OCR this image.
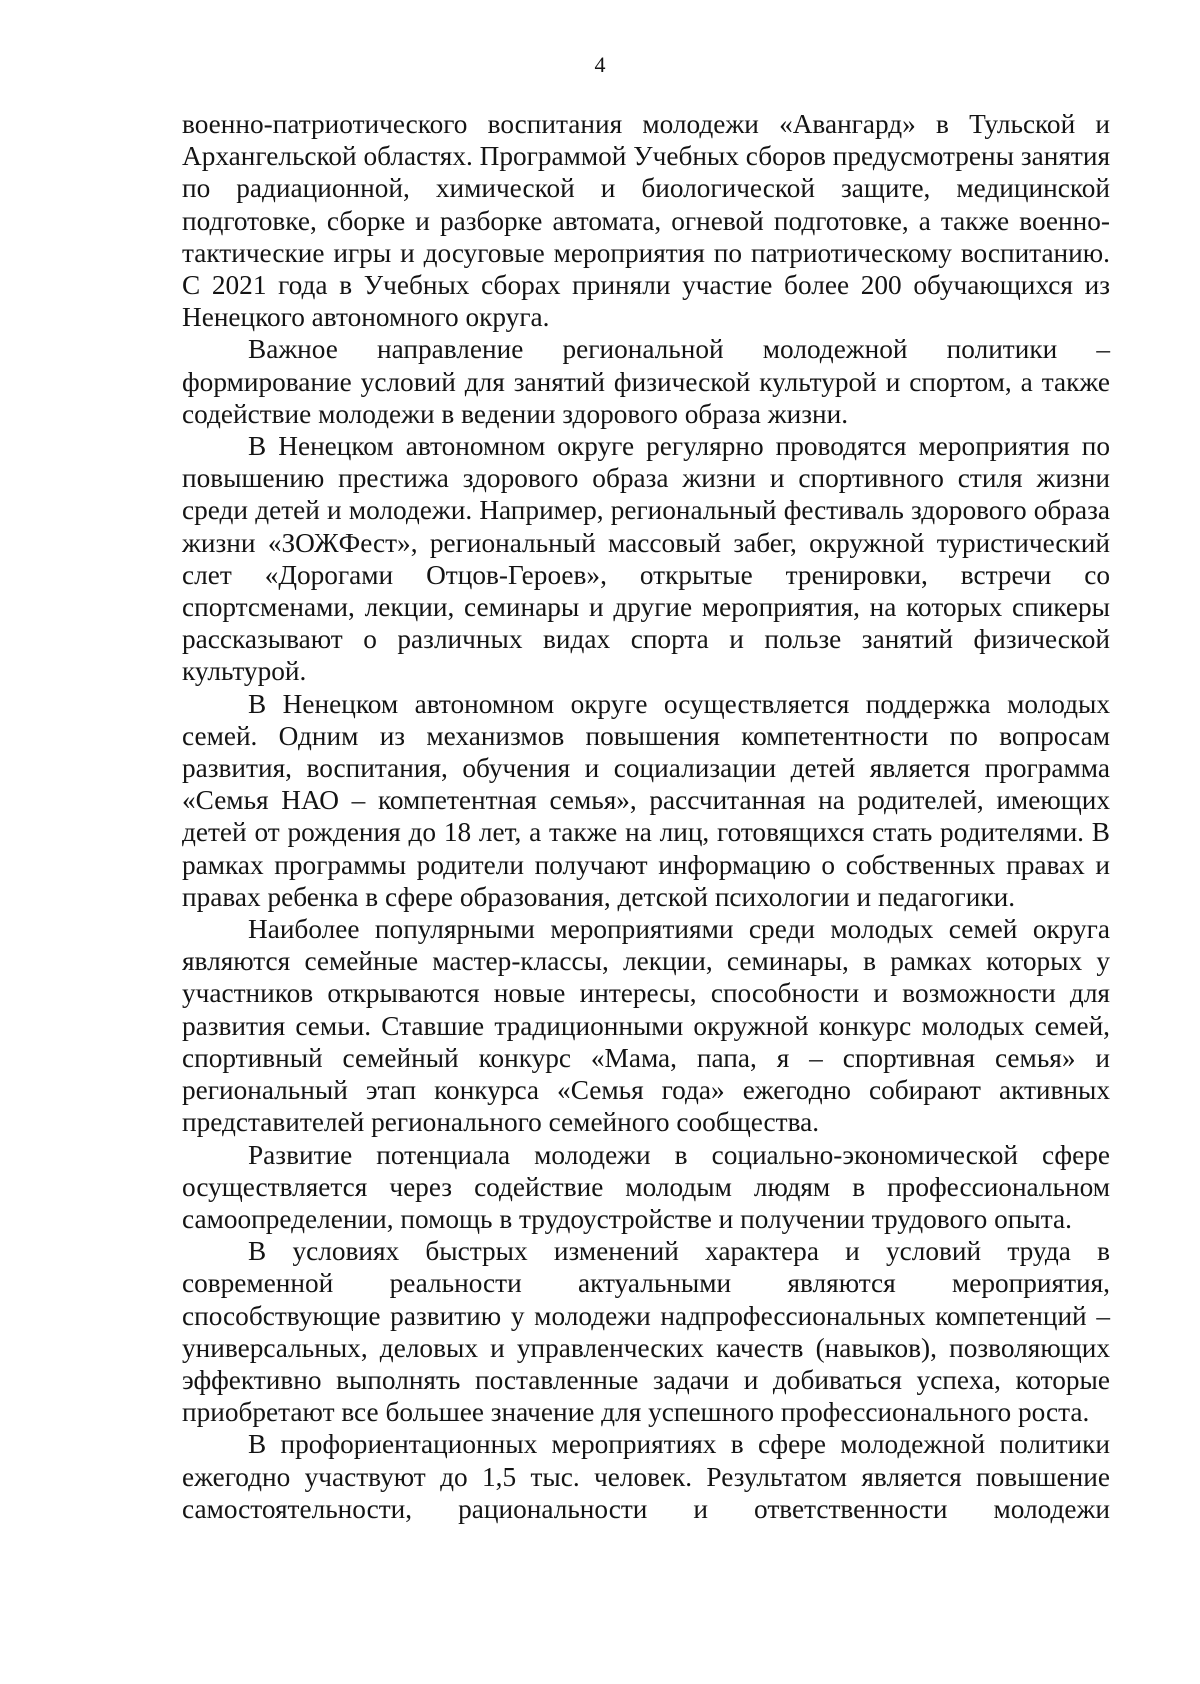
4

военно-патриотического воспитания молодежи «Авангард» в Тульской и Архангельской областях. Программой Учебных сборов предусмотрены занятия по радиационной, химической и биологической защите, медицинской подготовке, сборке и разборке автомата, огневой подготовке, а также военно-тактические игры и досуговые мероприятия по патриотическому воспитанию. С 2021 года в Учебных сборах приняли участие более 200 обучающихся из Ненецкого автономного округа.

Важное направление региональной молодежной политики – формирование условий для занятий физической культурой и спортом, а также содействие молодежи в ведении здорового образа жизни.

В Ненецком автономном округе регулярно проводятся мероприятия по повышению престижа здорового образа жизни и спортивного стиля жизни среди детей и молодежи. Например, региональный фестиваль здорового образа жизни «ЗОЖФест», региональный массовый забег, окружной туристический слет «Дорогами Отцов-Героев», открытые тренировки, встречи со спортсменами, лекции, семинары и другие мероприятия, на которых спикеры рассказывают о различных видах спорта и пользе занятий физической культурой.

В Ненецком автономном округе осуществляется поддержка молодых семей. Одним из механизмов повышения компетентности по вопросам развития, воспитания, обучения и социализации детей является программа «Семья НАО – компетентная семья», рассчитанная на родителей, имеющих детей от рождения до 18 лет, а также на лиц, готовящихся стать родителями. В рамках программы родители получают информацию о собственных правах и правах ребенка в сфере образования, детской психологии и педагогики.

Наиболее популярными мероприятиями среди молодых семей округа являются семейные мастер-классы, лекции, семинары, в рамках которых у участников открываются новые интересы, способности и возможности для развития семьи. Ставшие традиционными окружной конкурс молодых семей, спортивный семейный конкурс «Мама, папа, я – спортивная семья» и региональный этап конкурса «Семья года» ежегодно собирают активных представителей регионального семейного сообщества.

Развитие потенциала молодежи в социально-экономической сфере осуществляется через содействие молодым людям в профессиональном самоопределении, помощь в трудоустройстве и получении трудового опыта.

В условиях быстрых изменений характера и условий труда в современной реальности актуальными являются мероприятия, способствующие развитию у молодежи надпрофессиональных компетенций – универсальных, деловых и управленческих качеств (навыков), позволяющих эффективно выполнять поставленные задачи и добиваться успеха, которые приобретают все большее значение для успешного профессионального роста.

В профориентационных мероприятиях в сфере молодежной политики ежегодно участвуют до 1,5 тыс. человек. Результатом является повышение самостоятельности, рациональности и ответственности молодежи
